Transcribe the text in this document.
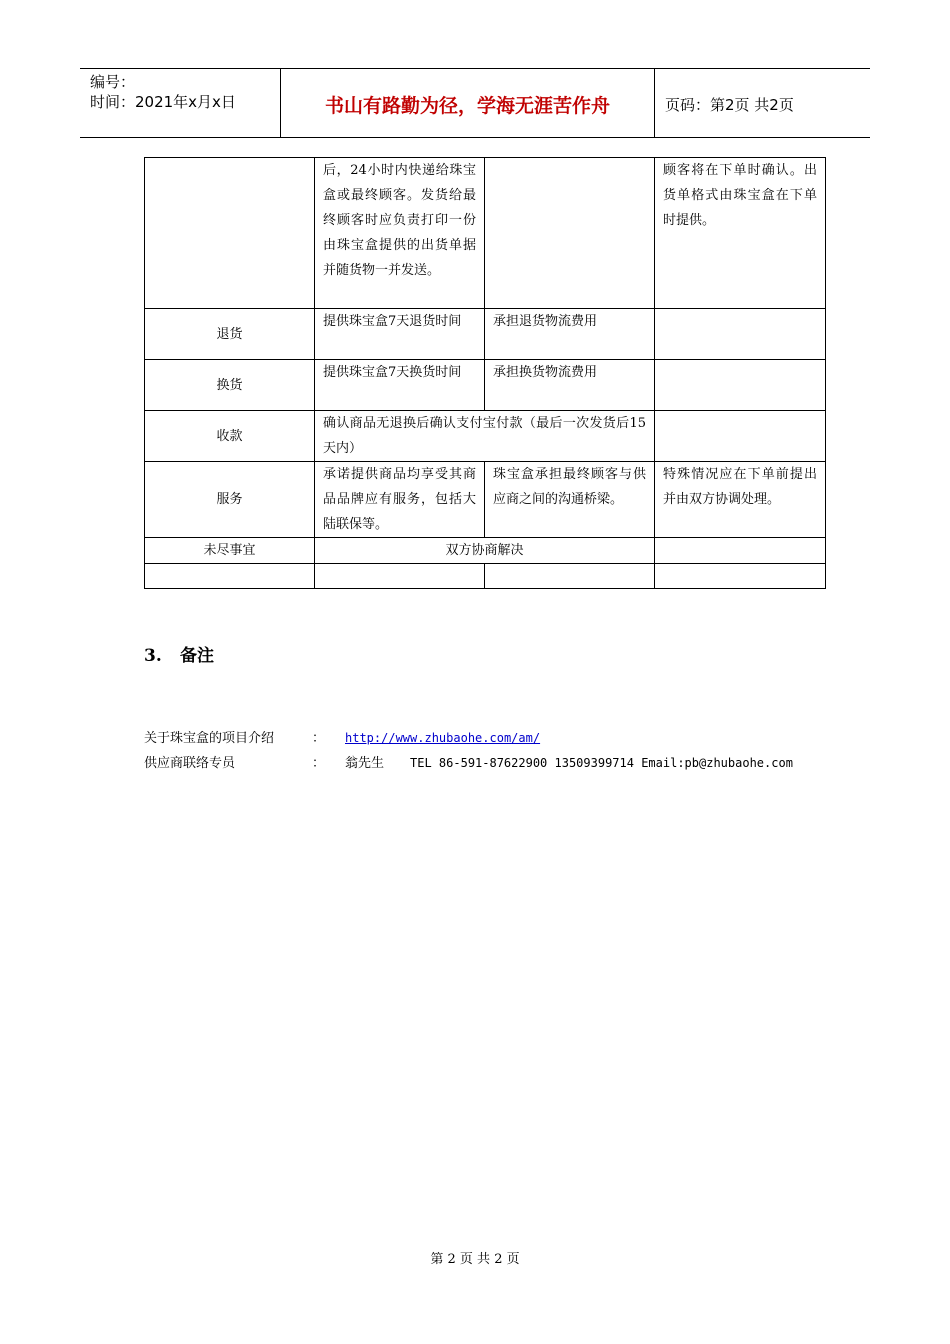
编号：
时间：2021年x月x日	书山有路勤为径，学海无涯苦作舟	页码：第2页 共2页
	后，24小时内快递给珠宝盒或最终顾客。发货给最终顾客时应负责打印一份由珠宝盒提供的出货单据并随货物一并发送。		顾客将在下单时确认。出货单格式由珠宝盒在下单时提供。
退货	提供珠宝盒7天退货时间	承担退货物流费用	
换货	提供珠宝盒7天换货时间	承担换货物流费用	
收款	确认商品无退换后确认支付宝付款（最后一次发货后15天内）		
服务	承诺提供商品均享受其商品品牌应有服务，包括大陆联保等。	珠宝盒承担最终顾客与供应商之间的沟通桥梁。	特殊情况应在下单前提出并由双方协调处理。
未尽事宜	双方协商解决		

3. 备注
关于珠宝盒的项目介绍	： http://www.zhubaohe.com/am/
供应商联络专员	： 翁先生 TEL 86-591-87622900 13509399714 Email:pb@zhubaohe.com
第 2 页 共 2 页
